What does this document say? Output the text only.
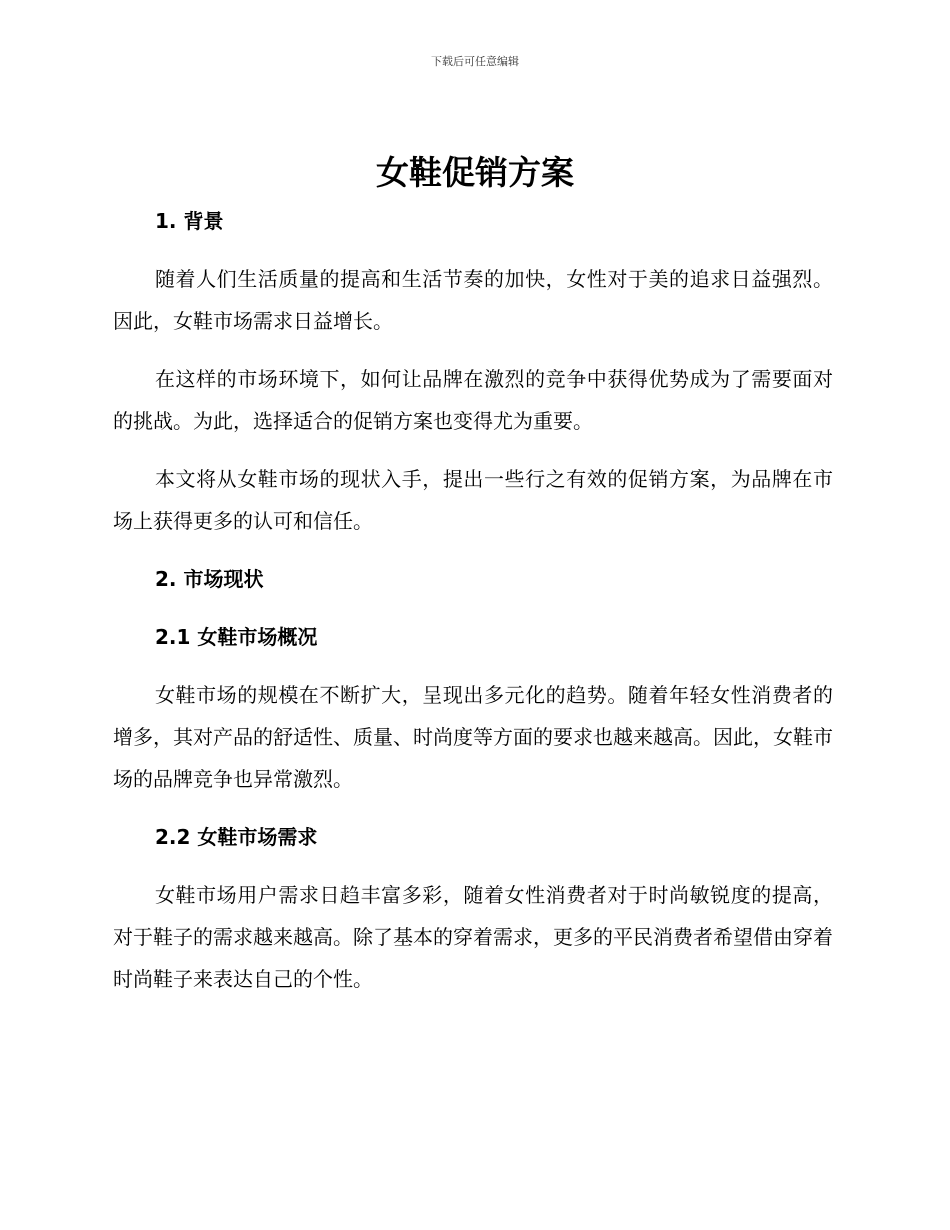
下载后可任意编辑
女鞋促销方案
1. 背景

随着人们生活质量的提高和生活节奏的加快，女性对于美的追求日益强烈。因此，女鞋市场需求日益增长。

在这样的市场环境下，如何让品牌在激烈的竞争中获得优势成为了需要面对的挑战。为此，选择适合的促销方案也变得尤为重要。

本文将从女鞋市场的现状入手，提出一些行之有效的促销方案，为品牌在市场上获得更多的认可和信任。

2. 市场现状
2.1 女鞋市场概况

女鞋市场的规模在不断扩大，呈现出多元化的趋势。随着年轻女性消费者的增多，其对产品的舒适性、质量、时尚度等方面的要求也越来越高。因此，女鞋市场的品牌竞争也异常激烈。

2.2 女鞋市场需求

女鞋市场用户需求日趋丰富多彩，随着女性消费者对于时尚敏锐度的提高，对于鞋子的需求越来越高。除了基本的穿着需求，更多的平民消费者希望借由穿着时尚鞋子来表达自己的个性。
